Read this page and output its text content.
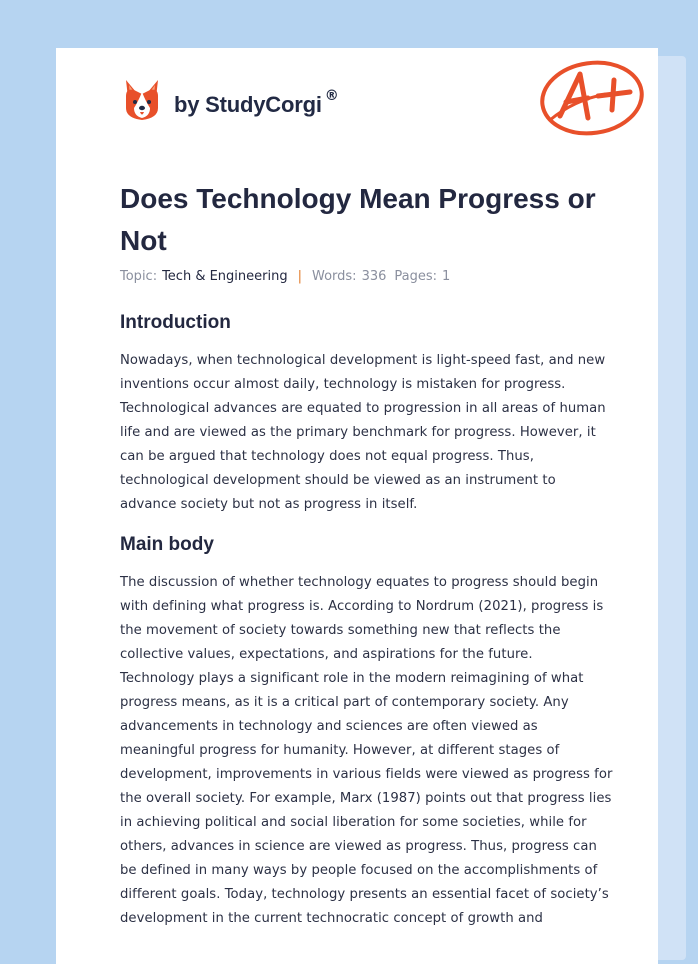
by StudyCorgi ®
Does Technology Mean Progress or Not
Topic: Tech & Engineering | Words: 336 Pages: 1
Introduction

Nowadays, when technological development is light-speed fast, and new
inventions occur almost daily, technology is mistaken for progress.
Technological advances are equated to progression in all areas of human
life and are viewed as the primary benchmark for progress. However, it
can be argued that technology does not equal progress. Thus,
technological development should be viewed as an instrument to
advance society but not as progress in itself.

Main body

The discussion of whether technology equates to progress should begin
with defining what progress is. According to Nordrum (2021), progress is
the movement of society towards something new that reflects the
collective values, expectations, and aspirations for the future.
Technology plays a significant role in the modern reimagining of what
progress means, as it is a critical part of contemporary society. Any
advancements in technology and sciences are often viewed as
meaningful progress for humanity. However, at different stages of
development, improvements in various fields were viewed as progress for
the overall society. For example, Marx (1987) points out that progress lies
in achieving political and social liberation for some societies, while for
others, advances in science are viewed as progress. Thus, progress can
be defined in many ways by people focused on the accomplishments of
different goals. Today, technology presents an essential facet of society’s
development in the current technocratic concept of growth and
